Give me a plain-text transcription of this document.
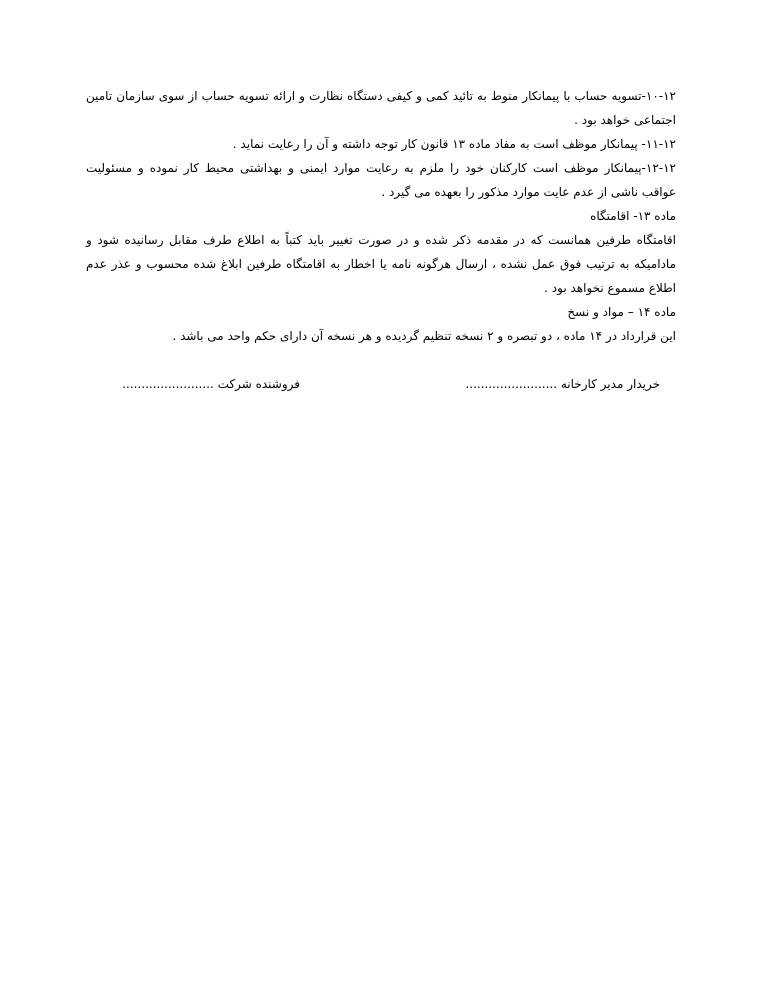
۱۰-۱۲-تسویه حساب با پیمانکار منوط به تائید کمی و کیفی دستگاه نظارت و ارائه تسویه حساب از سوی سازمان تامین اجتماعی خواهد بود .

۱۱-۱۲- پیمانکار موظف است به مفاد ماده ۱۳ قانون کار توجه داشته و آن را رعایت نماید .

۱۲-۱۲-پیمانکار موظف است کارکنان خود را ملزم به رعایت موارد ایمنی و بهداشتی محیط کار نموده و مسئولیت عواقب ناشی از عدم عایت موارد مذکور را بعهده می گیرد .

ماده ۱۳- اقامتگاه

اقامتگاه طرفین همانست که در مقدمه ذکر شده و در صورت تغییر باید کتباً به اطلاع طرف مقابل رسانیده شود و مادامیکه به ترتیب فوق عمل نشده ، ارسال هرگونه نامه یا اخطار به اقامتگاه طرفین ابلاغ شده محسوب و عذر عدم اطلاع مسموع نخواهد بود .

ماده ۱۴ – مواد و نسخ

این قرارداد در ۱۴ ماده ، دو تبصره و ۲ نسخه تنظیم گردیده و هر نسخه آن دارای حکم واحد می باشد .

خریدار مدیر کارخانه ........................
فروشنده شرکت ........................
